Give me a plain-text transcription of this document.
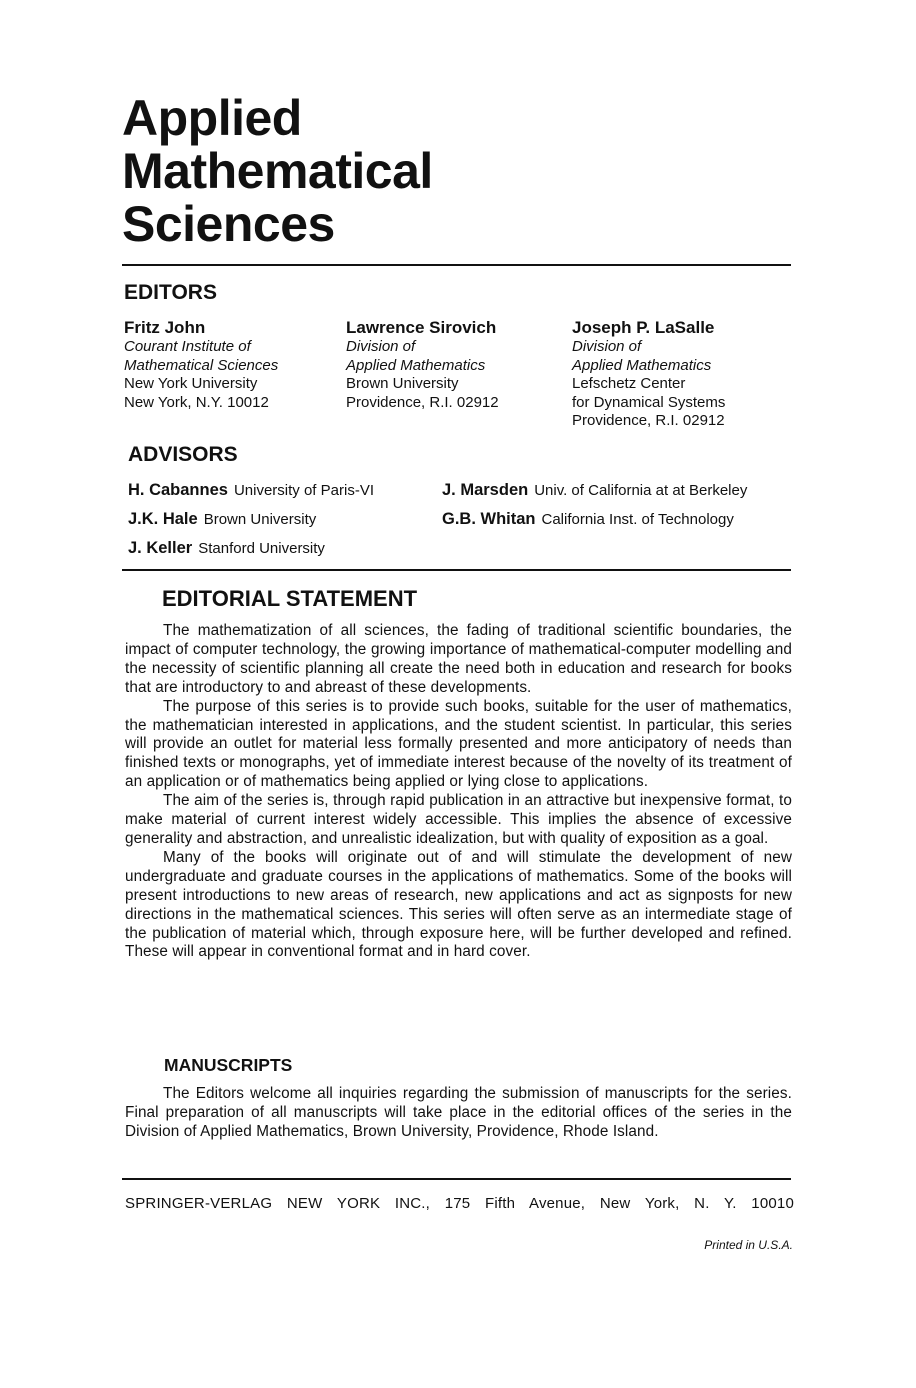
Applied
Mathematical
Sciences
EDITORS
Fritz John
Courant Institute of
Mathematical Sciences
New York University
New York, N.Y. 10012
Lawrence Sirovich
Division of
Applied Mathematics
Brown University
Providence, R.I. 02912
Joseph P. LaSalle
Division of
Applied Mathematics
Lefschetz Center
for Dynamical Systems
Providence, R.I. 02912
ADVISORS
H. Cabannes University of Paris-VI
J.K. Hale Brown University
J. Keller Stanford University
J. Marsden Univ. of California at at Berkeley
G.B. Whitan California Inst. of Technology
EDITORIAL STATEMENT

The mathematization of all sciences, the fading of traditional scientific boundaries, the impact of computer technology, the growing importance of mathematical-computer modelling and the necessity of scientific planning all create the need both in education and research for books that are introductory to and abreast of these developments.

The purpose of this series is to provide such books, suitable for the user of mathematics, the mathematician interested in applications, and the student scientist. In particular, this series will provide an outlet for material less formally presented and more anticipatory of needs than finished texts or monographs, yet of immediate interest because of the novelty of its treatment of an application or of mathematics being applied or lying close to applications.

The aim of the series is, through rapid publication in an attractive but inexpensive format, to make material of current interest widely accessible. This implies the absence of excessive generality and abstraction, and unrealistic idealization, but with quality of exposition as a goal.

Many of the books will originate out of and will stimulate the development of new undergraduate and graduate courses in the applications of mathematics. Some of the books will present introductions to new areas of research, new applications and act as signposts for new directions in the mathematical sciences. This series will often serve as an intermediate stage of the publication of material which, through exposure here, will be further developed and refined. These will appear in conventional format and in hard cover.

MANUSCRIPTS

The Editors welcome all inquiries regarding the submission of manuscripts for the series. Final preparation of all manuscripts will take place in the editorial offices of the series in the Division of Applied Mathematics, Brown University, Providence, Rhode Island.

SPRINGER-VERLAG NEW YORK INC., 175 Fifth Avenue, New York, N. Y. 10010

Printed in U.S.A.
